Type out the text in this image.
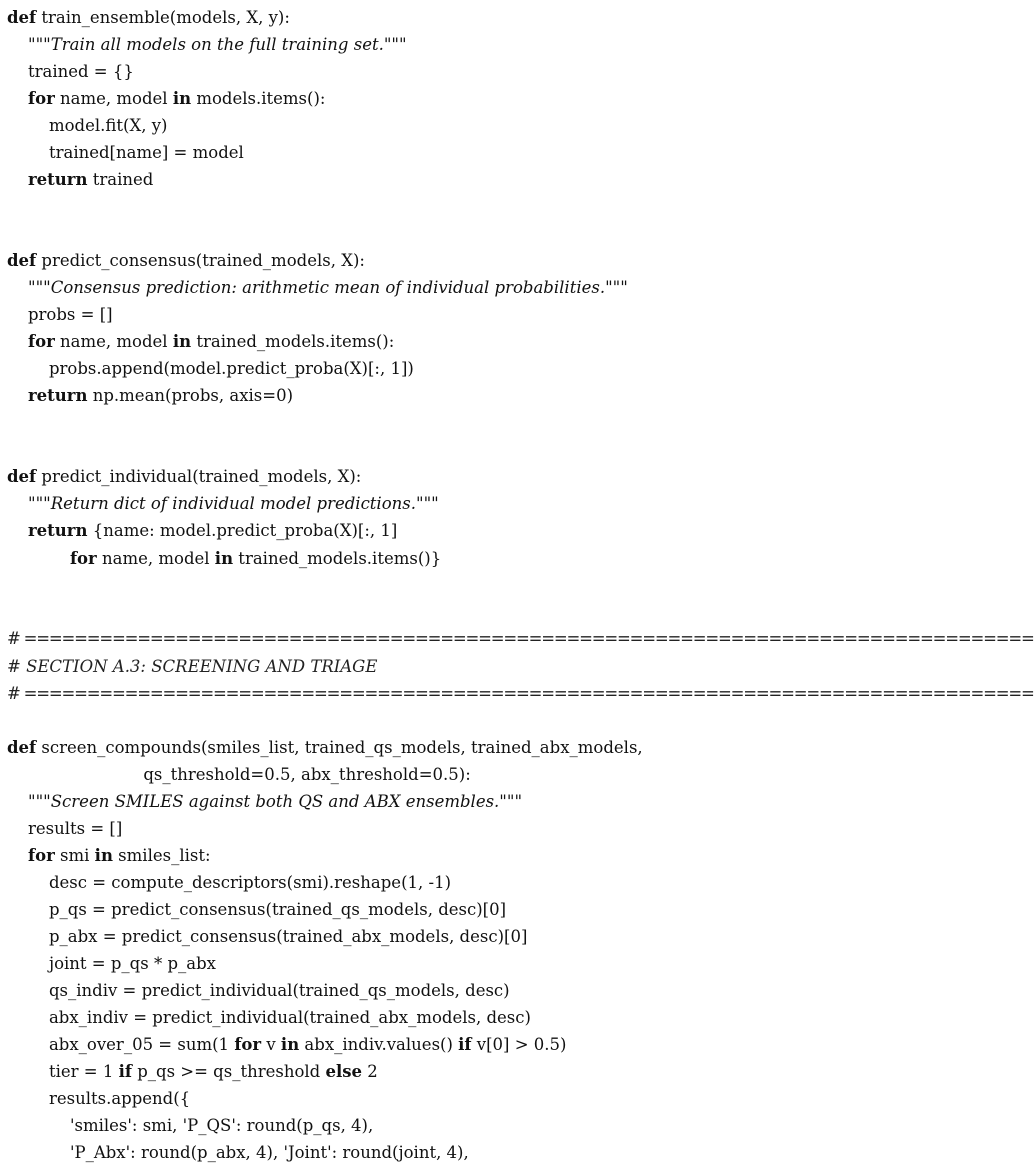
def train_ensemble(models, X, y):
"""Train all models on the full training set."""
trained = {}
for name, model in models.items():
model.fit(X, y)
trained[name] = model
return trained
def predict_consensus(trained_models, X):
"""Consensus prediction: arithmetic mean of individual probabilities."""
probs = []
for name, model in trained_models.items():
probs.append(model.predict_proba(X)[:, 1])
return np.mean(probs, axis=0)
def predict_individual(trained_models, X):
"""Return dict of individual model predictions."""
return {name: model.predict_proba(X)[:, 1]
for name, model in trained_models.items()}
# ================================================================================
# SECTION A.3: SCREENING AND TRIAGE
# ================================================================================
def screen_compounds(smiles_list, trained_qs_models, trained_abx_models,
qs_threshold=0.5, abx_threshold=0.5):
"""Screen SMILES against both QS and ABX ensembles."""
results = []
for smi in smiles_list:
desc = compute_descriptors(smi).reshape(1, -1)
p_qs = predict_consensus(trained_qs_models, desc)[0]
p_abx = predict_consensus(trained_abx_models, desc)[0]
joint = p_qs * p_abx
qs_indiv = predict_individual(trained_qs_models, desc)
abx_indiv = predict_individual(trained_abx_models, desc)
abx_over_05 = sum(1 for v in abx_indiv.values() if v[0] > 0.5)
tier = 1 if p_qs >= qs_threshold else 2
results.append({
'smiles': smi, 'P_QS': round(p_qs, 4),
'P_Abx': round(p_abx, 4), 'Joint': round(joint, 4),
